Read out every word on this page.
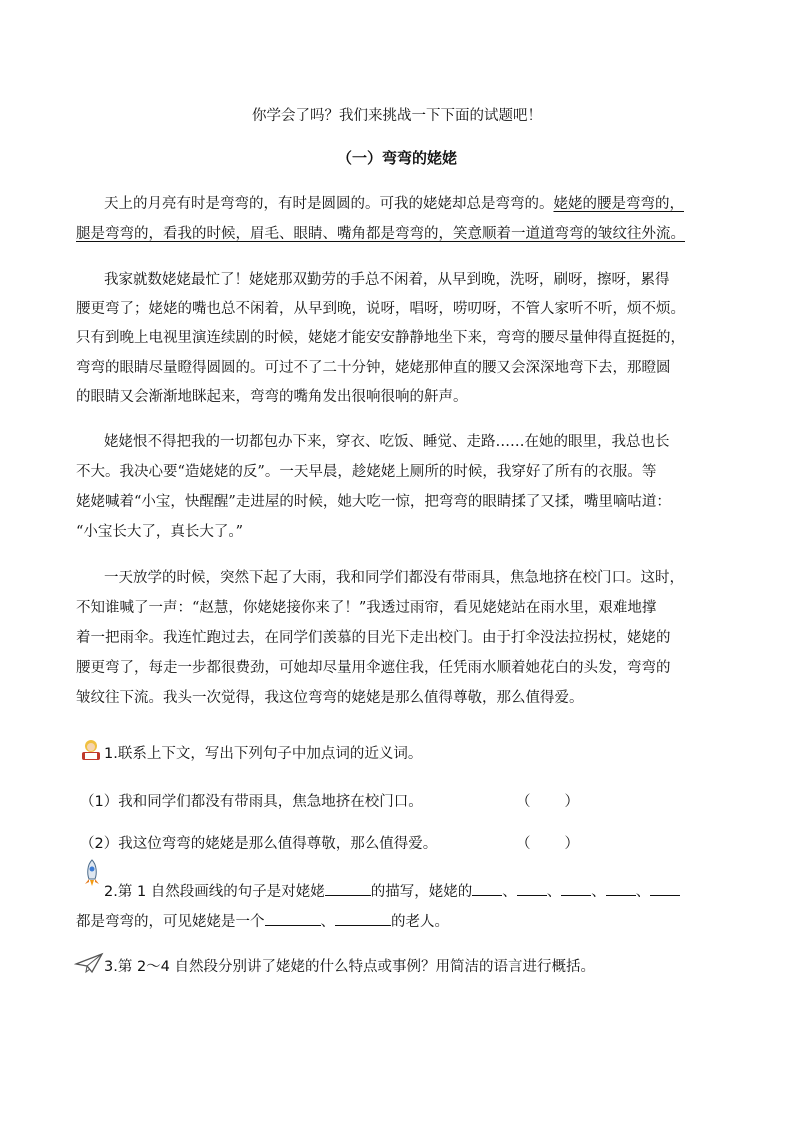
你学会了吗？我们来挑战一下下面的试题吧！
（一）弯弯的姥姥
天上的月亮有时是弯弯的，有时是圆圆的。可我的姥姥却总是弯弯的。姥姥的腰是弯弯的，
腿是弯弯的，看我的时候，眉毛、眼睛、嘴角都是弯弯的，笑意顺着一道道弯弯的皱纹往外流。
我家就数姥姥最忙了！姥姥那双勤劳的手总不闲着，从早到晚，洗呀，刷呀，擦呀，累得
腰更弯了；姥姥的嘴也总不闲着，从早到晚，说呀，唱呀，唠叨呀，不管人家听不听，烦不烦。
只有到晚上电视里演连续剧的时候，姥姥才能安安静静地坐下来，弯弯的腰尽量伸得直挺挺的，
弯弯的眼睛尽量瞪得圆圆的。可过不了二十分钟，姥姥那伸直的腰又会深深地弯下去，那瞪圆
的眼睛又会渐渐地眯起来，弯弯的嘴角发出很响很响的鼾声。
姥姥恨不得把我的一切都包办下来，穿衣、吃饭、睡觉、走路……在她的眼里，我总也长
不大。我决心要“造姥姥的反”。一天早晨，趁姥姥上厕所的时候，我穿好了所有的衣服。等
姥姥喊着“小宝，快醒醒”走进屋的时候，她大吃一惊，把弯弯的眼睛揉了又揉，嘴里嘀咕道：
“小宝长大了，真长大了。”
一天放学的时候，突然下起了大雨，我和同学们都没有带雨具，焦急地挤在校门口。这时，
不知谁喊了一声：“赵慧，你姥姥接你来了！”我透过雨帘，看见姥姥站在雨水里，艰难地撑
着一把雨伞。我连忙跑过去，在同学们羡慕的目光下走出校门。由于打伞没法拉拐杖，姥姥的
腰更弯了，每走一步都很费劲，可她却尽量用伞遮住我，任凭雨水顺着她花白的头发，弯弯的
皱纹往下流。我头一次觉得，我这位弯弯的姥姥是那么值得尊敬，那么值得爱。
1.联系上下文，写出下列句子中加点词的近义词。
（1）我和同学们都没有带雨具，焦急地挤在校门口。	（ ）
（2）我这位弯弯的姥姥是那么值得尊敬，那么值得爱。	（ ）
2.第 1 自然段画线的句子是对姥姥	的描写，姥姥的 、 、 、 、
都是弯弯的，可见姥姥是一个	、	的老人。
3.第 2～4 自然段分别讲了姥姥的什么特点或事例？用简洁的语言进行概括。
